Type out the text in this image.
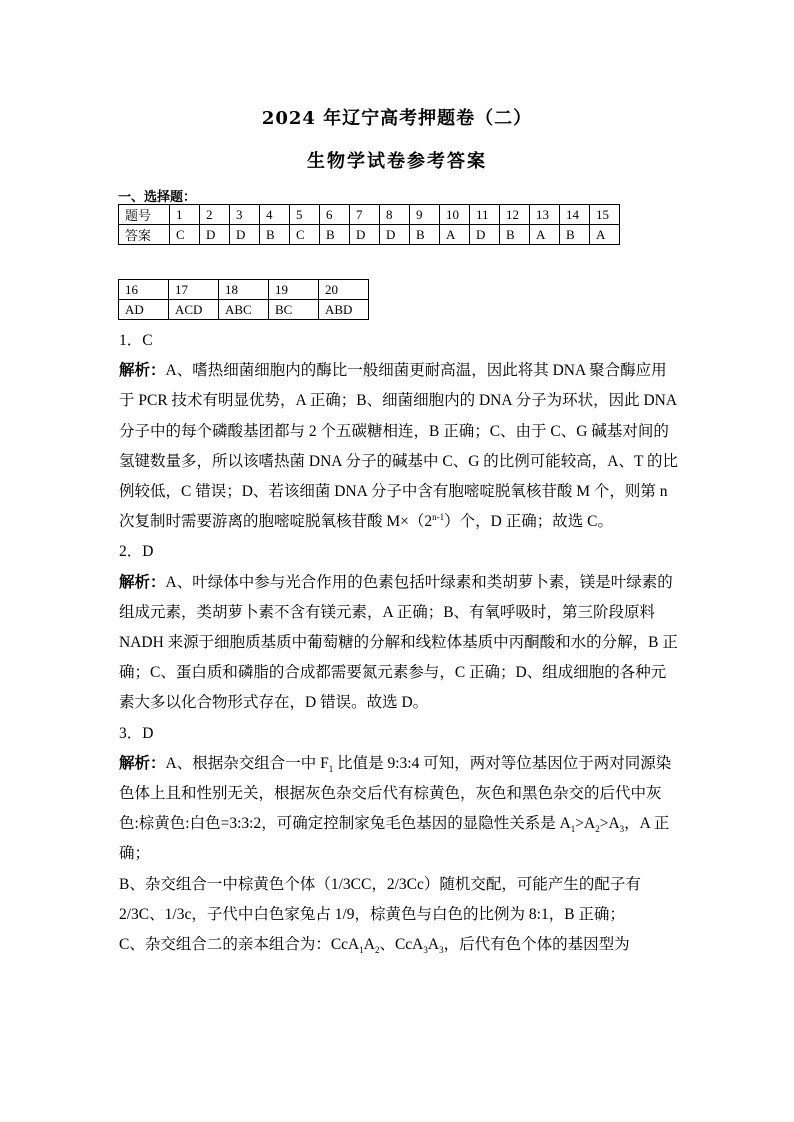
2024 年辽宁高考押题卷（二）
生物学试卷参考答案
一、选择题：
题号	1	2	3	4	5	6	7	8	9	10	11	12	13	14	15
答案	C	D	D	B	C	B	D	D	B	A	D	B	A	B	A
16	17	18	19	20
AD	ACD	ABC	BC	ABD

1．C

解析：A、嗜热细菌细胞内的酶比一般细菌更耐高温，因此将其 DNA 聚合酶应用于 PCR 技术有明显优势，A 正确；B、细菌细胞内的 DNA 分子为环状，因此 DNA 分子中的每个磷酸基团都与 2 个五碳糖相连，B 正确；C、由于 C、G 碱基对间的氢键数量多，所以该嗜热菌 DNA 分子的碱基中 C、G 的比例可能较高，A、T 的比例较低，C 错误；D、若该细菌 DNA 分子中含有胞嘧啶脱氧核苷酸 M 个，则第 n 次复制时需要游离的胞嘧啶脱氧核苷酸 $M\times(2^{n-1})$个，D 正确；故选 C。

2．D

解析：A、叶绿体中参与光合作用的色素包括叶绿素和类胡萝卜素，镁是叶绿素的组成元素，类胡萝卜素不含有镁元素，A 正确；B、有氧呼吸时，第三阶段原料 NADH 来源于细胞质基质中葡萄糖的分解和线粒体基质中丙酮酸和水的分解，B 正确；C、蛋白质和磷脂的合成都需要氮元素参与，C 正确；D、组成细胞的各种元素大多以化合物形式存在，D 错误。故选 D。

3．D

解析：A、根据杂交组合一中 $F_1$ 比值是 9:3:4 可知，两对等位基因位于两对同源染色体上且和性别无关，根据灰色杂交后代有棕黄色，灰色和黑色杂交的后代中灰色:棕黄色:白色=3:3:2，可确定控制家兔毛色基因的显隐性关系是 $A_1>A_2>A_3$，A 正确；

B、杂交组合一中棕黄色个体（1/3CC，2/3Cc）随机交配，可能产生的配子有 2/3C、1/3c，子代中白色家兔占 1/9，棕黄色与白色的比例为 8:1，B 正确；

C、杂交组合二的亲本组合为：$CcA_1A_2$、$CcA_3A_3$，后代有色个体的基因型为
